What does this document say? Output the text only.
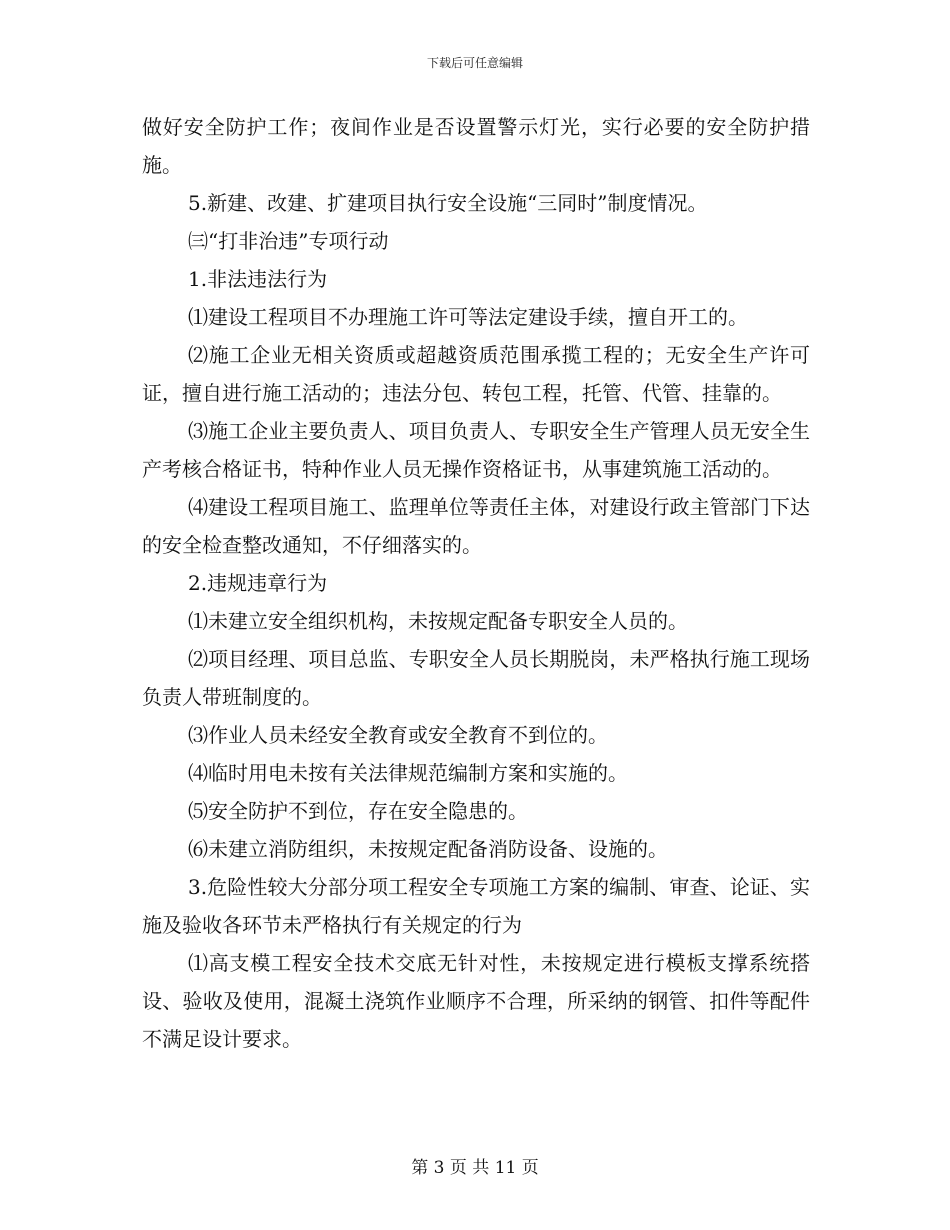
下载后可任意编辑

做好安全防护工作；夜间作业是否设置警示灯光，实行必要的安全防护措施。

5.新建、改建、扩建项目执行安全设施“三同时”制度情况。

㈢“打非治违”专项行动

1.非法违法行为

⑴建设工程项目不办理施工许可等法定建设手续，擅自开工的。

⑵施工企业无相关资质或超越资质范围承揽工程的；无安全生产许可证，擅自进行施工活动的；违法分包、转包工程，托管、代管、挂靠的。

⑶施工企业主要负责人、项目负责人、专职安全生产管理人员无安全生产考核合格证书，特种作业人员无操作资格证书，从事建筑施工活动的。

⑷建设工程项目施工、监理单位等责任主体，对建设行政主管部门下达的安全检查整改通知，不仔细落实的。

2.违规违章行为

⑴未建立安全组织机构，未按规定配备专职安全人员的。

⑵项目经理、项目总监、专职安全人员长期脱岗，未严格执行施工现场负责人带班制度的。

⑶作业人员未经安全教育或安全教育不到位的。

⑷临时用电未按有关法律规范编制方案和实施的。

⑸安全防护不到位，存在安全隐患的。

⑹未建立消防组织，未按规定配备消防设备、设施的。

3.危险性较大分部分项工程安全专项施工方案的编制、审查、论证、实施及验收各环节未严格执行有关规定的行为

⑴高支模工程安全技术交底无针对性，未按规定进行模板支撑系统搭设、验收及使用，混凝土浇筑作业顺序不合理，所采纳的钢管、扣件等配件不满足设计要求。

第 3 页 共 11 页
